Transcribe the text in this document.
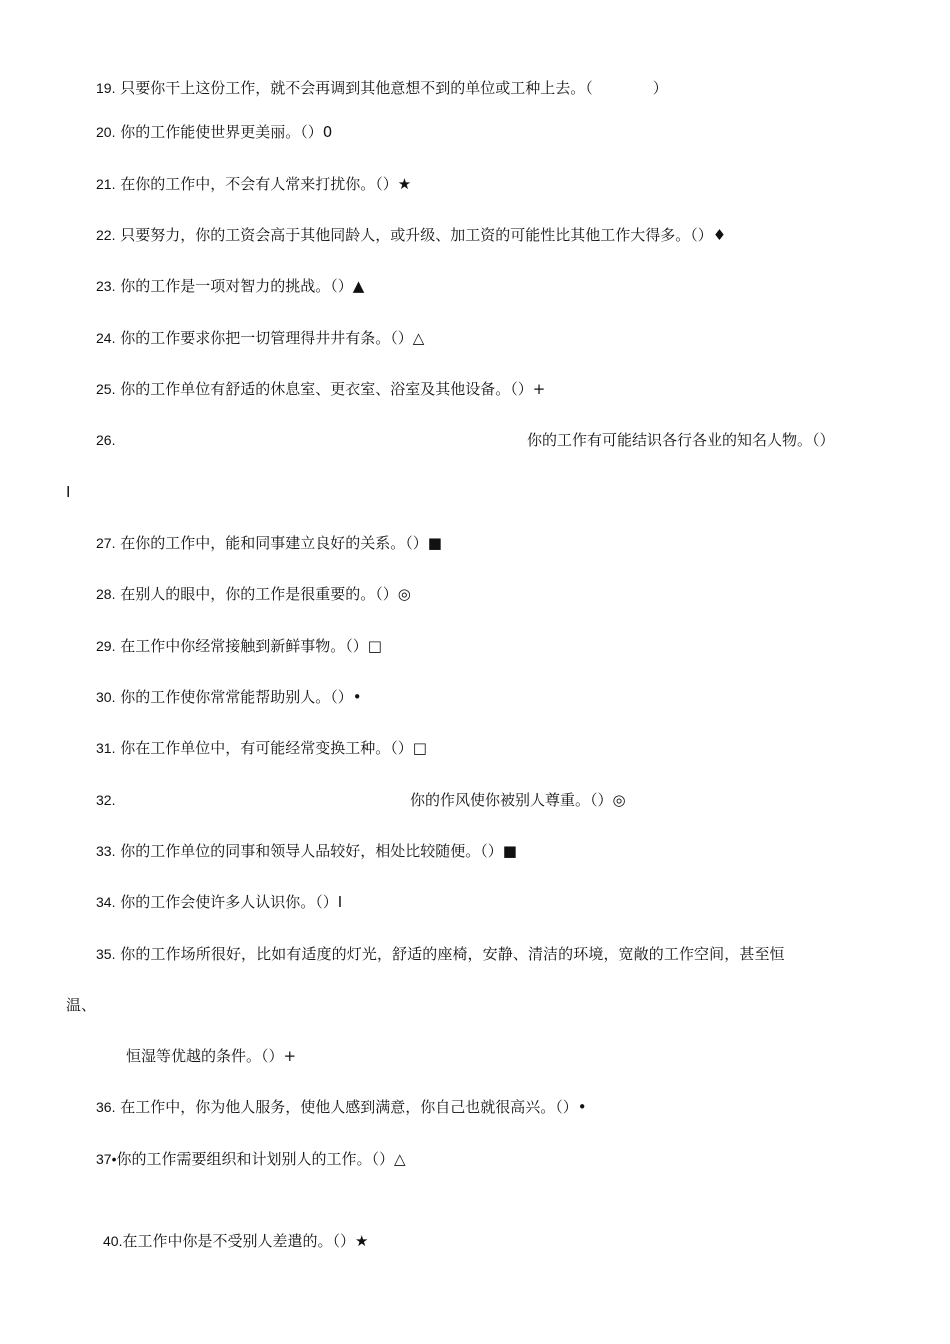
19. 只要你干上这份工作，就不会再调到其他意想不到的单位或工种上去。（	）
20. 你的工作能使世界更美丽。（）0
21. 在你的工作中，不会有人常来打扰你。（）★
22. 只要努力，你的工资会高于其他同龄人，或升级、加工资的可能性比其他工作大得多。（）♦
23. 你的工作是一项对智力的挑战。（）▲
24. 你的工作要求你把一切管理得井井有条。（）△
25. 你的工作单位有舒适的休息室、更衣室、浴室及其他设备。（）+
26.	你的工作有可能结识各行各业的知名人物。（）
I
27. 在你的工作中，能和同事建立良好的关系。（）■
28. 在别人的眼中，你的工作是很重要的。（）◎
29. 在工作中你经常接触到新鲜事物。（）□
30. 你的工作使你常常能帮助别人。（）•
31. 你在工作单位中，有可能经常变换工种。（）□
32.	你的作风使你被别人尊重。（）◎
33. 你的工作单位的同事和领导人品较好，相处比较随便。（）■
34. 你的工作会使许多人认识你。（）I
35. 你的工作场所很好，比如有适度的灯光，舒适的座椅，安静、清洁的环境，宽敞的工作空间，甚至恒
温、
恒湿等优越的条件。（）+
36. 在工作中，你为他人服务，使他人感到满意，你自己也就很高兴。（）•
37•你的工作需要组织和计划别人的工作。（）△
40.在工作中你是不受别人差遣的。（）★
